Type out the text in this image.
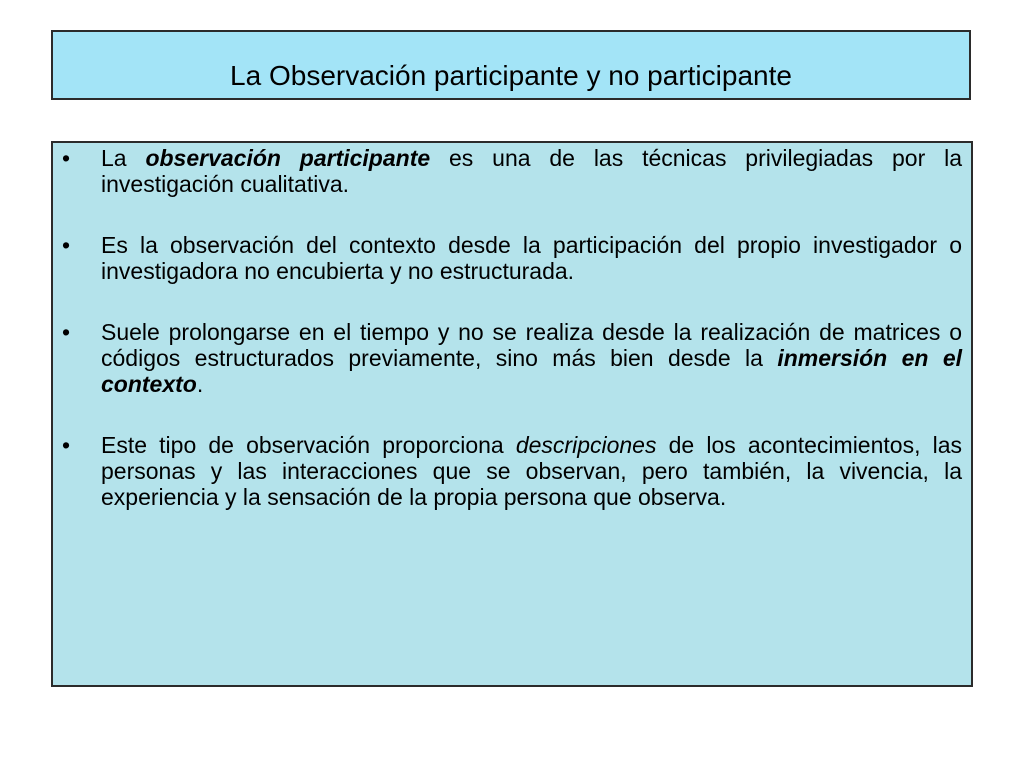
La Observación participante y no participante
• La observación participante es una de las técnicas privilegiadas por la investigación cualitativa.
• Es la observación del contexto desde la participación del propio investigador o investigadora no encubierta y no estructurada.
• Suele prolongarse en el tiempo y no se realiza desde la realización de matrices o códigos estructurados previamente, sino más bien desde la inmersión en el contexto.
• Este tipo de observación proporciona descripciones de los acontecimientos, las personas y las interacciones que se observan, pero también, la vivencia, la experiencia y la sensación de la propia persona que observa.
